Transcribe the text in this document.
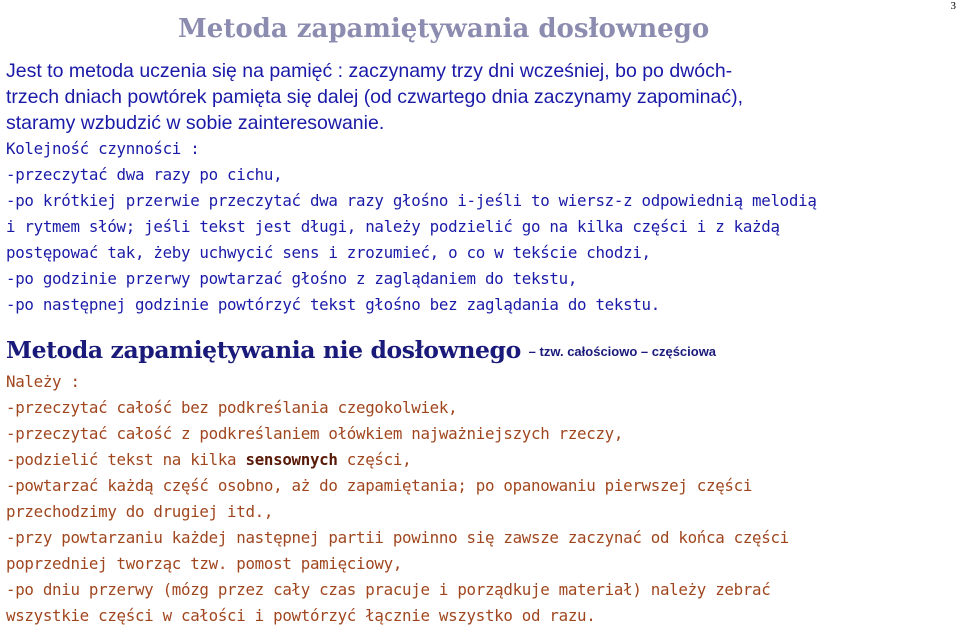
3
Metoda zapamiętywania dosłownego
Jest to metoda uczenia się na pamięć : zaczynamy trzy dni wcześniej, bo po dwóch-
trzech dniach powtórek pamięta się dalej (od czwartego dnia zaczynamy zapominać),
staramy wzbudzić w sobie zainteresowanie.
Kolejność czynności :
-przeczytać dwa razy po cichu,
-po krótkiej przerwie przeczytać dwa razy głośno i-jeśli to wiersz-z odpowiednią melodią
i rytmem słów; jeśli tekst jest długi, należy podzielić go na kilka części i z każdą
postępować tak, żeby uchwycić sens i zrozumieć, o co w tekście chodzi,
-po godzinie przerwy powtarzać głośno z zaglądaniem do tekstu,
-po następnej godzinie powtórzyć tekst głośno bez zaglądania do tekstu.
Metoda zapamiętywania nie dosłownego – tzw. całościowo – częściowa
Należy :
-przeczytać całość bez podkreślania czegokolwiek,
-przeczytać całość z podkreślaniem ołówkiem najważniejszych rzeczy,
-podzielić tekst na kilka sensownych części,
-powtarzać każdą część osobno, aż do zapamiętania; po opanowaniu pierwszej części
przechodzimy do drugiej itd.,
-przy powtarzaniu każdej następnej partii powinno się zawsze zaczynać od końca części
poprzedniej tworząc tzw. pomost pamięciowy,
-po dniu przerwy (mózg przez cały czas pracuje i porządkuje materiał) należy zebrać
wszystkie części w całości i powtórzyć łącznie wszystko od razu.
